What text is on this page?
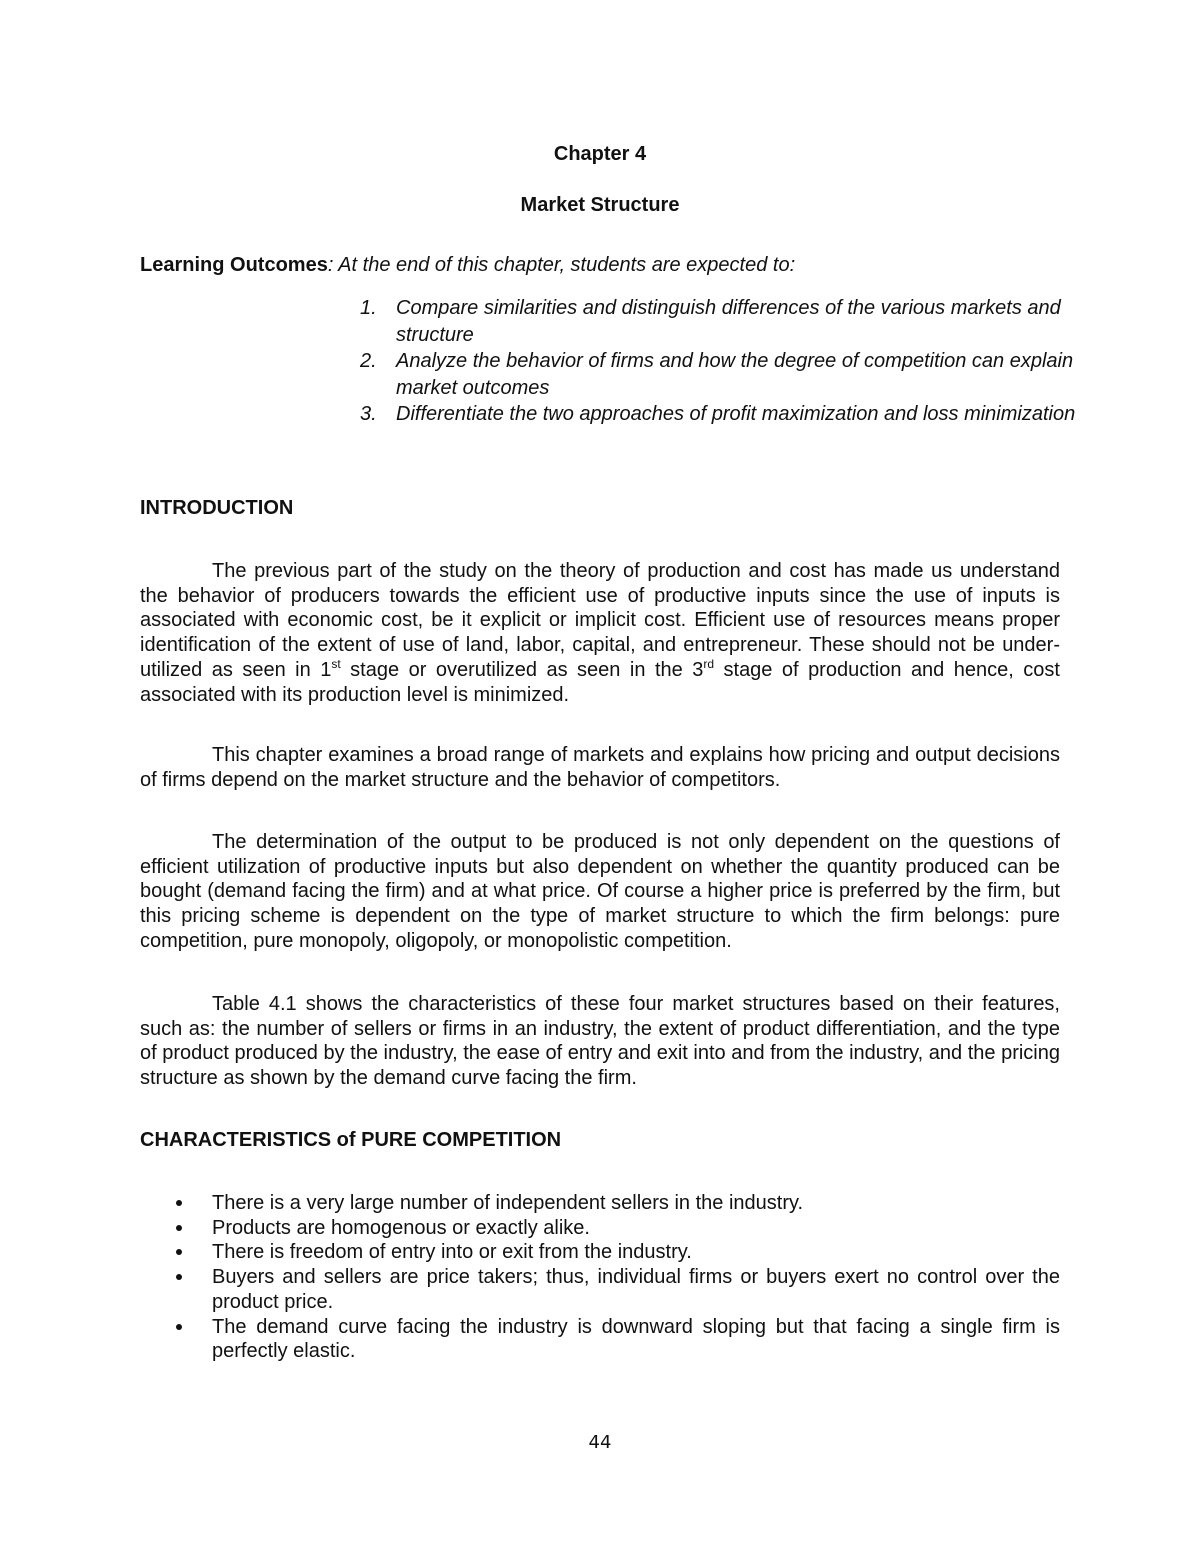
Chapter 4
Market Structure
Learning Outcomes: At the end of this chapter, students are expected to:
1. Compare similarities and distinguish differences of the various markets and structure
2. Analyze the behavior of firms and how the degree of competition can explain market outcomes
3. Differentiate the two approaches of profit maximization and loss minimization
INTRODUCTION

The previous part of the study on the theory of production and cost has made us understand the behavior of producers towards the efficient use of productive inputs since the use of inputs is associated with economic cost, be it explicit or implicit cost. Efficient use of resources means proper identification of the extent of use of land, labor, capital, and entrepreneur. These should not be under-utilized as seen in 1st stage or overutilized as seen in the 3rd stage of production and hence, cost associated with its production level is minimized.

This chapter examines a broad range of markets and explains how pricing and output decisions of firms depend on the market structure and the behavior of competitors.

The determination of the output to be produced is not only dependent on the questions of efficient utilization of productive inputs but also dependent on whether the quantity produced can be bought (demand facing the firm) and at what price. Of course a higher price is preferred by the firm, but this pricing scheme is dependent on the type of market structure to which the firm belongs: pure competition, pure monopoly, oligopoly, or monopolistic competition.

Table 4.1 shows the characteristics of these four market structures based on their features, such as: the number of sellers or firms in an industry, the extent of product differentiation, and the type of product produced by the industry, the ease of entry and exit into and from the industry, and the pricing structure as shown by the demand curve facing the firm.

CHARACTERISTICS of PURE COMPETITION
There is a very large number of independent sellers in the industry.
Products are homogenous or exactly alike.
There is freedom of entry into or exit from the industry.
Buyers and sellers are price takers; thus, individual firms or buyers exert no control over the product price.
The demand curve facing the industry is downward sloping but that facing a single firm is perfectly elastic.
44
